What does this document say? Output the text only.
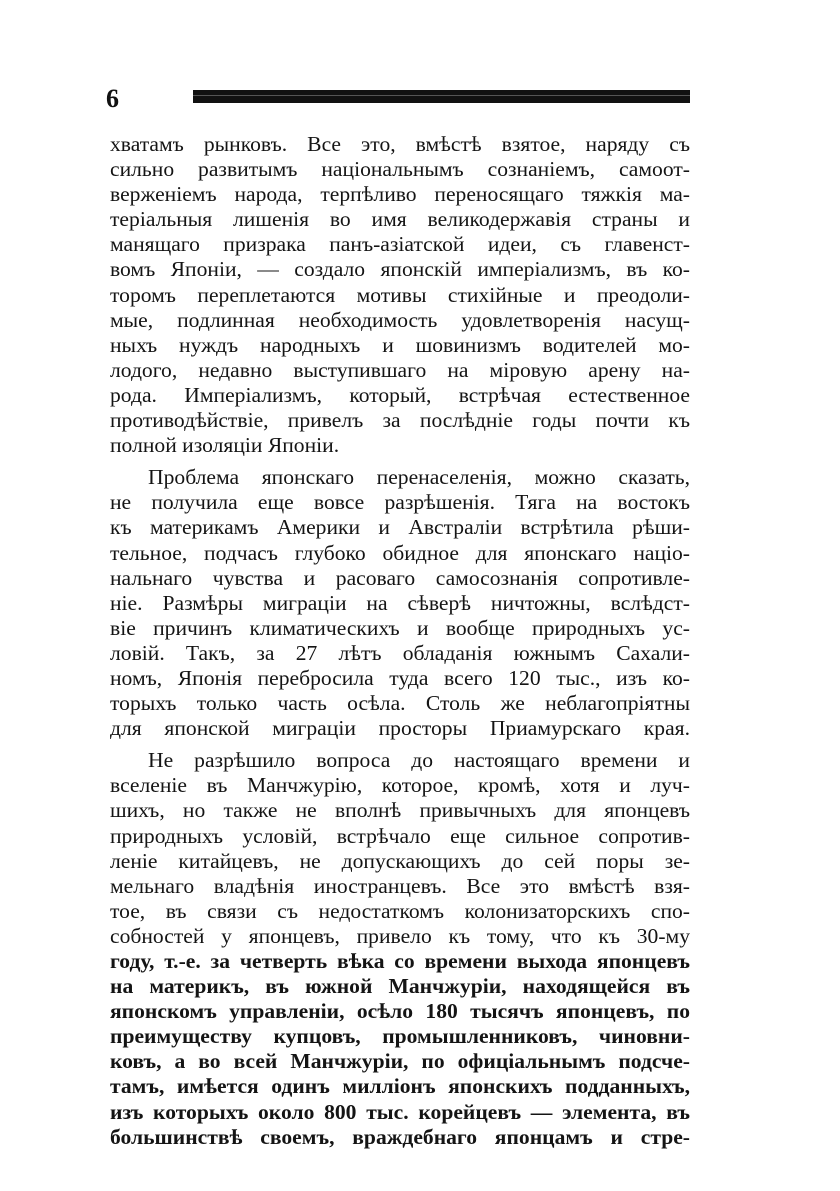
6
хватамъ рынковъ. Все это, вмѣстѣ взятое, наряду съ
сильно развитымъ національнымъ сознаніемъ, самоот-
верженіемъ народа, терпѣливо переносящаго тяжкія ма-
теріальныя лишенія во имя великодержавія страны и
манящаго призрака панъ-азіатской идеи, съ главенст-
вомъ Японіи, — создало японскій имперіализмъ, въ ко-
торомъ переплетаются мотивы стихійные и преодоли-
мые, подлинная необходимость удовлетворенія насущ-
ныхъ нуждъ народныхъ и шовинизмъ водителей мо-
лодого, недавно выступившаго на міровую арену на-
рода. Имперіализмъ, который, встрѣчая естественное
противодѣйствіе, привелъ за послѣдніе годы почти къ
полной изоляціи Японіи.
Проблема японскаго перенаселенія, можно сказать,
не получила еще вовсе разрѣшенія. Тяга на востокъ
къ материкамъ Америки и Австраліи встрѣтила рѣши-
тельное, подчасъ глубоко обидное для японскаго націо-
нальнаго чувства и расоваго самосознанія сопротивле-
ніе. Размѣры миграціи на сѣверѣ ничтожны, вслѣдст-
віе причинъ климатическихъ и вообще природныхъ ус-
ловій. Такъ, за 27 лѣтъ обладанія южнымъ Сахали-
номъ, Японія перебросила туда всего 120 тыс., изъ ко-
торыхъ только часть осѣла. Столь же неблагопріятны
для японской миграціи просторы Приамурскаго края.
Не разрѣшило вопроса до настоящаго времени и
вселеніе въ Манчжурію, которое, кромѣ, хотя и луч-
шихъ, но также не вполнѣ привычныхъ для японцевъ
природныхъ условій, встрѣчало еще сильное сопротив-
леніе китайцевъ, не допускающихъ до сей поры зе-
мельнаго владѣнія иностранцевъ. Все это вмѣстѣ взя-
тое, въ связи съ недостаткомъ колонизаторскихъ спо-
собностей у японцевъ, привело къ тому, что къ 30-му
году, т.-е. за четверть вѣка со времени выхода японцевъ
на материкъ, въ южной Манчжуріи, находящейся въ
японскомъ управленіи, осѣло 180 тысячъ японцевъ, по
преимуществу купцовъ, промышленниковъ, чиновни-
ковъ, а во всей Манчжуріи, по офиціальнымъ подсче-
тамъ, имѣется одинъ милліонъ японскихъ подданныхъ,
изъ которыхъ около 800 тыс. корейцевъ — элемента, въ
большинствѣ своемъ, враждебнаго японцамъ и стре-
